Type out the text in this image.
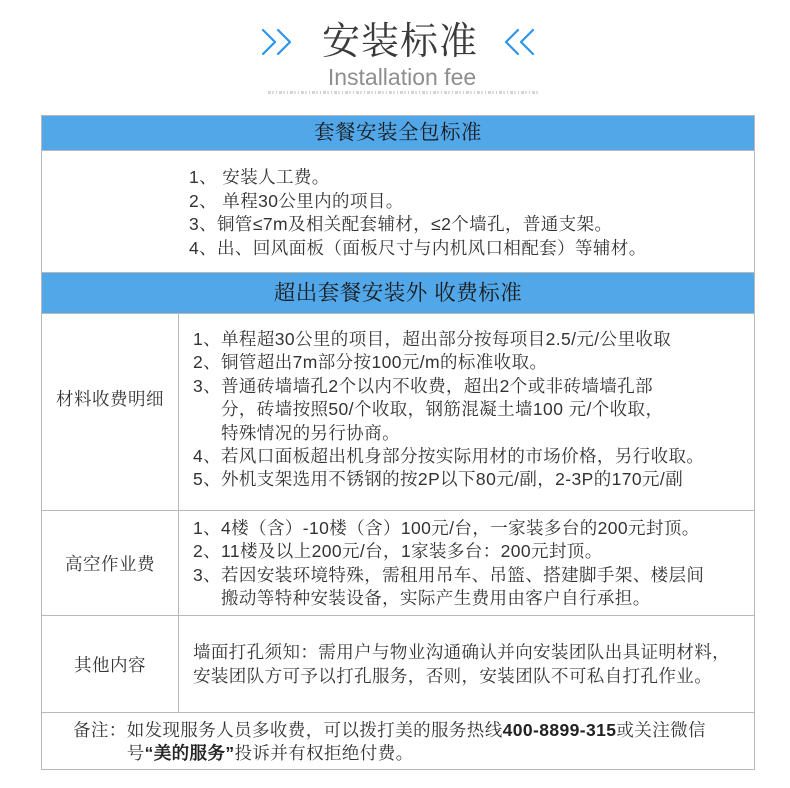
安装标准
Installation fee
套餐安装全包标准
1、 安装人工费。
2、 单程30公里内的项目。
3、铜管≤7m及相关配套辅材，≤2个墙孔，普通支架。
4、出、回风面板（面板尺寸与内机风口相配套）等辅材。
超出套餐安装外 收费标准
材料收费明细
1、单程超30公里的项目，超出部分按每项目2.5/元/公里收取
2、铜管超出7m部分按100元/m的标准收取。
3、普通砖墙墙孔2个以内不收费，超出2个或非砖墙墙孔部
分，砖墙按照50/个收取，钢筋混凝土墙100 元/个收取，
特殊情况的另行协商。
4、若风口面板超出机身部分按实际用材的市场价格，另行收取。
5、外机支架选用不锈钢的按2P以下80元/副，2-3P的170元/副
高空作业费
1、4楼（含）-10楼（含）100元/台，一家装多台的200元封顶。
2、11楼及以上200元/台，1家装多台：200元封顶。
3、若因安装环境特殊，需租用吊车、吊篮、搭建脚手架、楼层间
搬动等特种安装设备，实际产生费用由客户自行承担。
其他内容
墙面打孔须知：需用户与物业沟通确认并向安装团队出具证明材料，
安装团队方可予以打孔服务，否则，安装团队不可私自打孔作业。
备注： 如发现服务人员多收费，可以拨打美的服务热线400-8899-315或关注微信
号“美的服务”投诉并有权拒绝付费。
